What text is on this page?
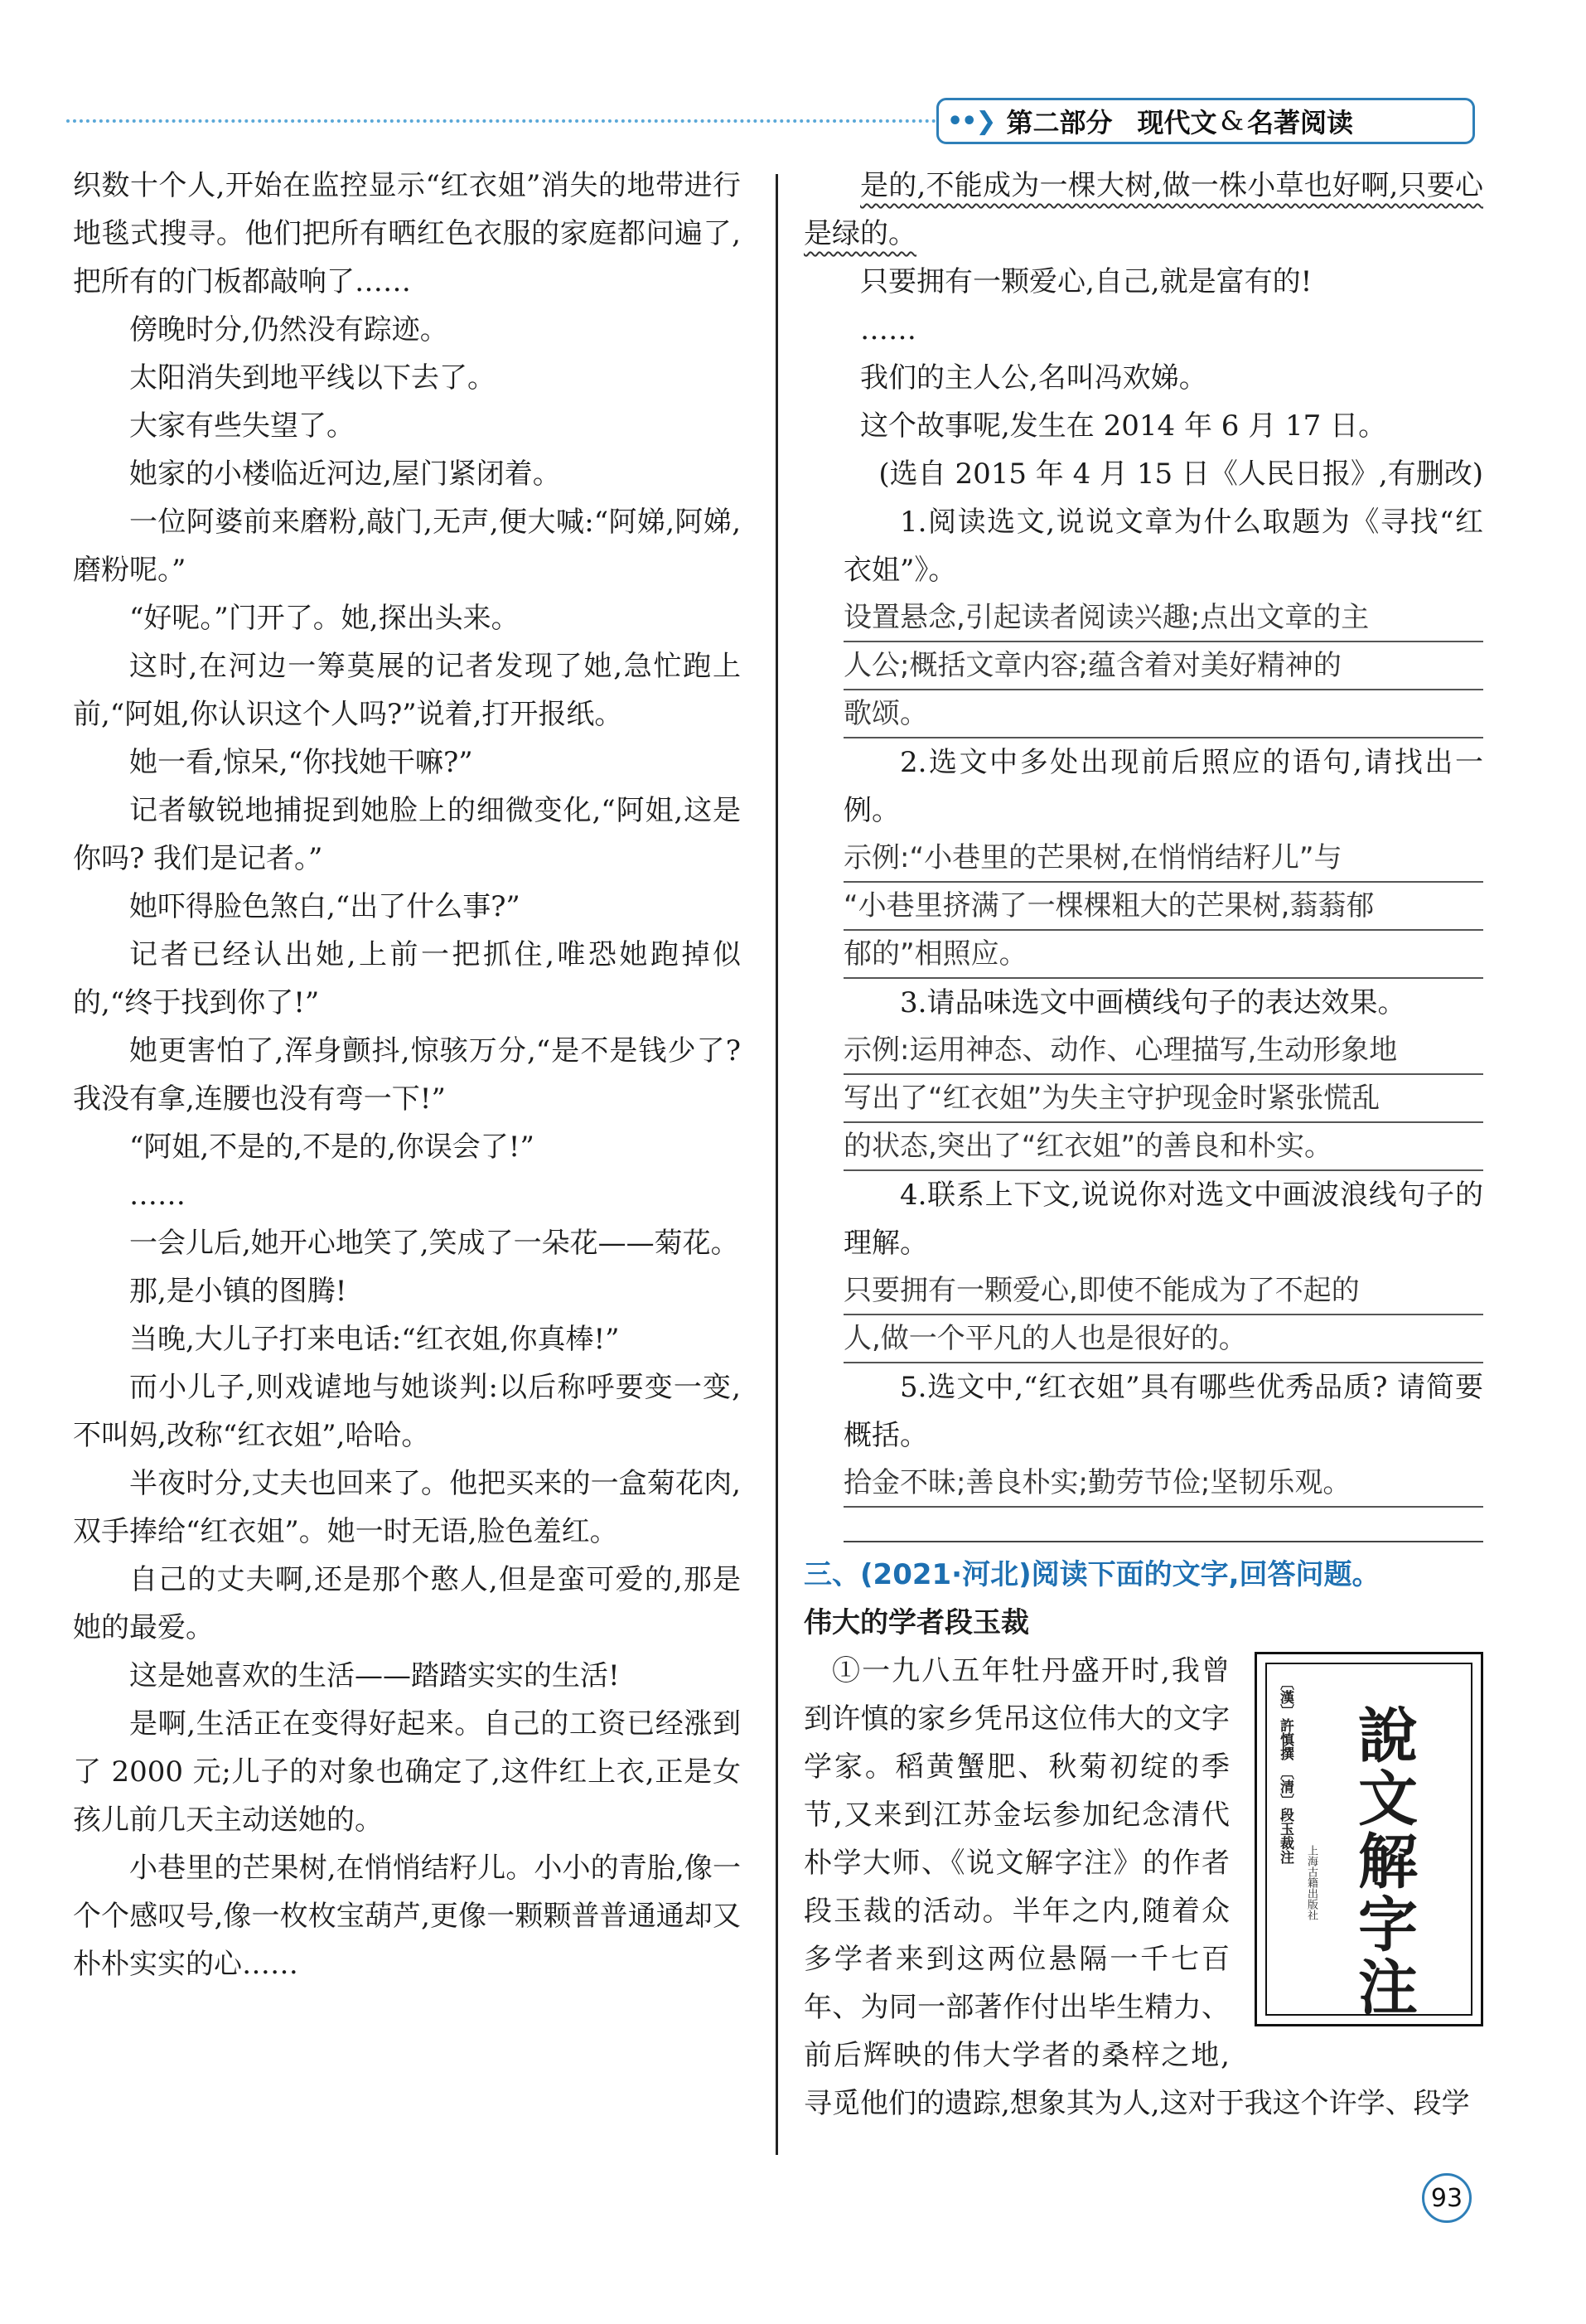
••❯ 第二部分 现代文 & 名著阅读

织数十个人,开始在监控显示“红衣姐”消失的地带进行地毯式搜寻。他们把所有晒红色衣服的家庭都问遍了,把所有的门板都敲响了……

傍晚时分,仍然没有踪迹。

太阳消失到地平线以下去了。

大家有些失望了。

她家的小楼临近河边,屋门紧闭着。

一位阿婆前来磨粉,敲门,无声,便大喊:“阿娣,阿娣,磨粉呢。”

“好呢。”门开了。她,探出头来。

这时,在河边一筹莫展的记者发现了她,急忙跑上前,“阿姐,你认识这个人吗?”说着,打开报纸。

她一看,惊呆,“你找她干嘛?”

记者敏锐地捕捉到她脸上的细微变化,“阿姐,这是你吗? 我们是记者。”

她吓得脸色煞白,“出了什么事?”

记者已经认出她,上前一把抓住,唯恐她跑掉似的,“终于找到你了!”

她更害怕了,浑身颤抖,惊骇万分,“是不是钱少了? 我没有拿,连腰也没有弯一下!”

“阿姐,不是的,不是的,你误会了!”

……

一会儿后,她开心地笑了,笑成了一朵花——菊花。

那,是小镇的图腾!

当晚,大儿子打来电话:“红衣姐,你真棒!”

而小儿子,则戏谑地与她谈判:以后称呼要变一变,不叫妈,改称“红衣姐”,哈哈。

半夜时分,丈夫也回来了。他把买来的一盒菊花肉,双手捧给“红衣姐”。她一时无语,脸色羞红。

自己的丈夫啊,还是那个憨人,但是蛮可爱的,那是她的最爱。

这是她喜欢的生活——踏踏实实的生活!

是啊,生活正在变得好起来。自己的工资已经涨到了 2000 元;儿子的对象也确定了,这件红上衣,正是女孩儿前几天主动送她的。

小巷里的芒果树,在悄悄结籽儿。小小的青胎,像一个个感叹号,像一枚枚宝葫芦,更像一颗颗普普通通却又朴朴实实的心……

是的,不能成为一棵大树,做一株小草也好啊,只要心是绿的。

只要拥有一颗爱心,自己,就是富有的!

……

我们的主人公,名叫冯欢娣。

这个故事呢,发生在 2014 年 6 月 17 日。

(选自 2015 年 4 月 15 日《人民日报》,有删改)

1.阅读选文,说说文章为什么取题为《寻找“红衣姐”》。

设置悬念,引起读者阅读兴趣;点出文章的主
人公;概括文章内容;蕴含着对美好精神的
歌颂。

2.选文中多处出现前后照应的语句,请找出一例。

示例:“小巷里的芒果树,在悄悄结籽儿”与
“小巷里挤满了一棵棵粗大的芒果树,蓊蓊郁
郁的”相照应。

3.请品味选文中画横线句子的表达效果。

示例:运用神态、动作、心理描写,生动形象地
写出了“红衣姐”为失主守护现金时紧张慌乱
的状态,突出了“红衣姐”的善良和朴实。

4.联系上下文,说说你对选文中画波浪线句子的理解。

只要拥有一颗爱心,即使不能成为了不起的
人,做一个平凡的人也是很好的。

5.选文中,“红衣姐”具有哪些优秀品质? 请简要概括。

拾金不昧;善良朴实;勤劳节俭;坚韧乐观。

三、(2021·河北)阅读下面的文字,回答问题。

伟大的学者段玉裁

〔漢〕許慎撰 〔清〕段玉裁注 說文解字注
上海古籍出版社

①一九八五年牡丹盛开时,我曾到许慎的家乡凭吊这位伟大的文字学家。稻黄蟹肥、秋菊初绽的季节,又来到江苏金坛参加纪念清代朴学大师、《说文解字注》的作者段玉裁的活动。半年之内,随着众多学者来到这两位悬隔一千七百年、为同一部著作付出毕生精力、前后辉映的伟大学者的桑梓之地,寻觅他们的遗踪,想象其为人,这对于我这个许学、段学

93
